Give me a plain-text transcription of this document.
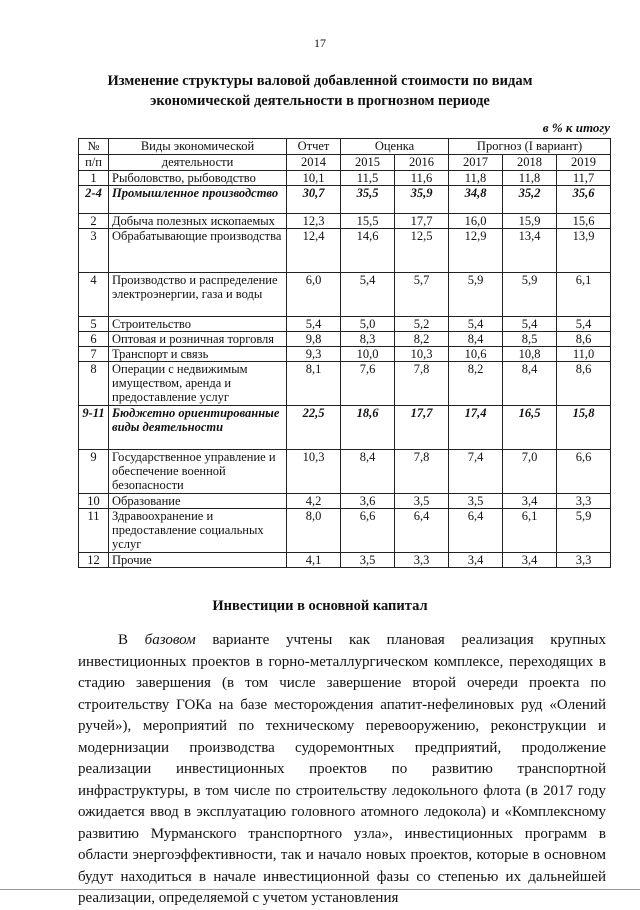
17
Изменение структуры валовой добавленной стоимости по видам
экономической деятельности в прогнозном периоде
в % к итогу
№	Виды экономической	Отчет	Оценка		Прогноз (I вариант)		
п/п	деятельности	2014	2015	2016	2017	2018	2019
1	Рыболовство, рыбоводство	10,1	11,5	11,6	11,8	11,8	11,7
2-4	Промышленное производство	30,7	35,5	35,9	34,8	35,2	35,6
2	Добыча полезных ископаемых	12,3	15,5	17,7	16,0	15,9	15,6
3	Обрабатывающие производства	12,4	14,6	12,5	12,9	13,4	13,9
4	Производство и распределение электроэнергии, газа и воды	6,0	5,4	5,7	5,9	5,9	6,1
5	Строительство	5,4	5,0	5,2	5,4	5,4	5,4
6	Оптовая и розничная торговля	9,8	8,3	8,2	8,4	8,5	8,6
7	Транспорт и связь	9,3	10,0	10,3	10,6	10,8	11,0
8	Операции с недвижимым имуществом, аренда и предоставление услуг	8,1	7,6	7,8	8,2	8,4	8,6
9-11	Бюджетно ориентированные виды деятельности	22,5	18,6	17,7	17,4	16,5	15,8
9	Государственное управление и обеспечение военной безопасности	10,3	8,4	7,8	7,4	7,0	6,6
10	Образование	4,2	3,6	3,5	3,5	3,4	3,3
11	Здравоохранение и предоставление социальных услуг	8,0	6,6	6,4	6,4	6,1	5,9
12	Прочие	4,1	3,5	3,3	3,4	3,4	3,3
Инвестиции в основной капитал
В базовом варианте учтены как плановая реализация крупных инвестиционных проектов в горно-металлургическом комплексе, переходящих в стадию завершения (в том числе завершение второй очереди проекта по строительству ГОКа на базе месторождения апатит-нефелиновых руд «Олений ручей»), мероприятий по техническому перевооружению, реконструкции и модернизации производства судоремонтных предприятий, продолжение реализации инвестиционных проектов по развитию транспортной инфраструктуры, в том числе по строительству ледокольного флота (в 2017 году ожидается ввод в эксплуатацию головного атомного ледокола) и «Комплексному развитию Мурманского транспортного узла», инвестиционных программ в области энергоэффективности, так и начало новых проектов, которые в основном будут находиться в начале инвестиционной фазы со степенью их дальнейшей реализации, определяемой с учетом установления
